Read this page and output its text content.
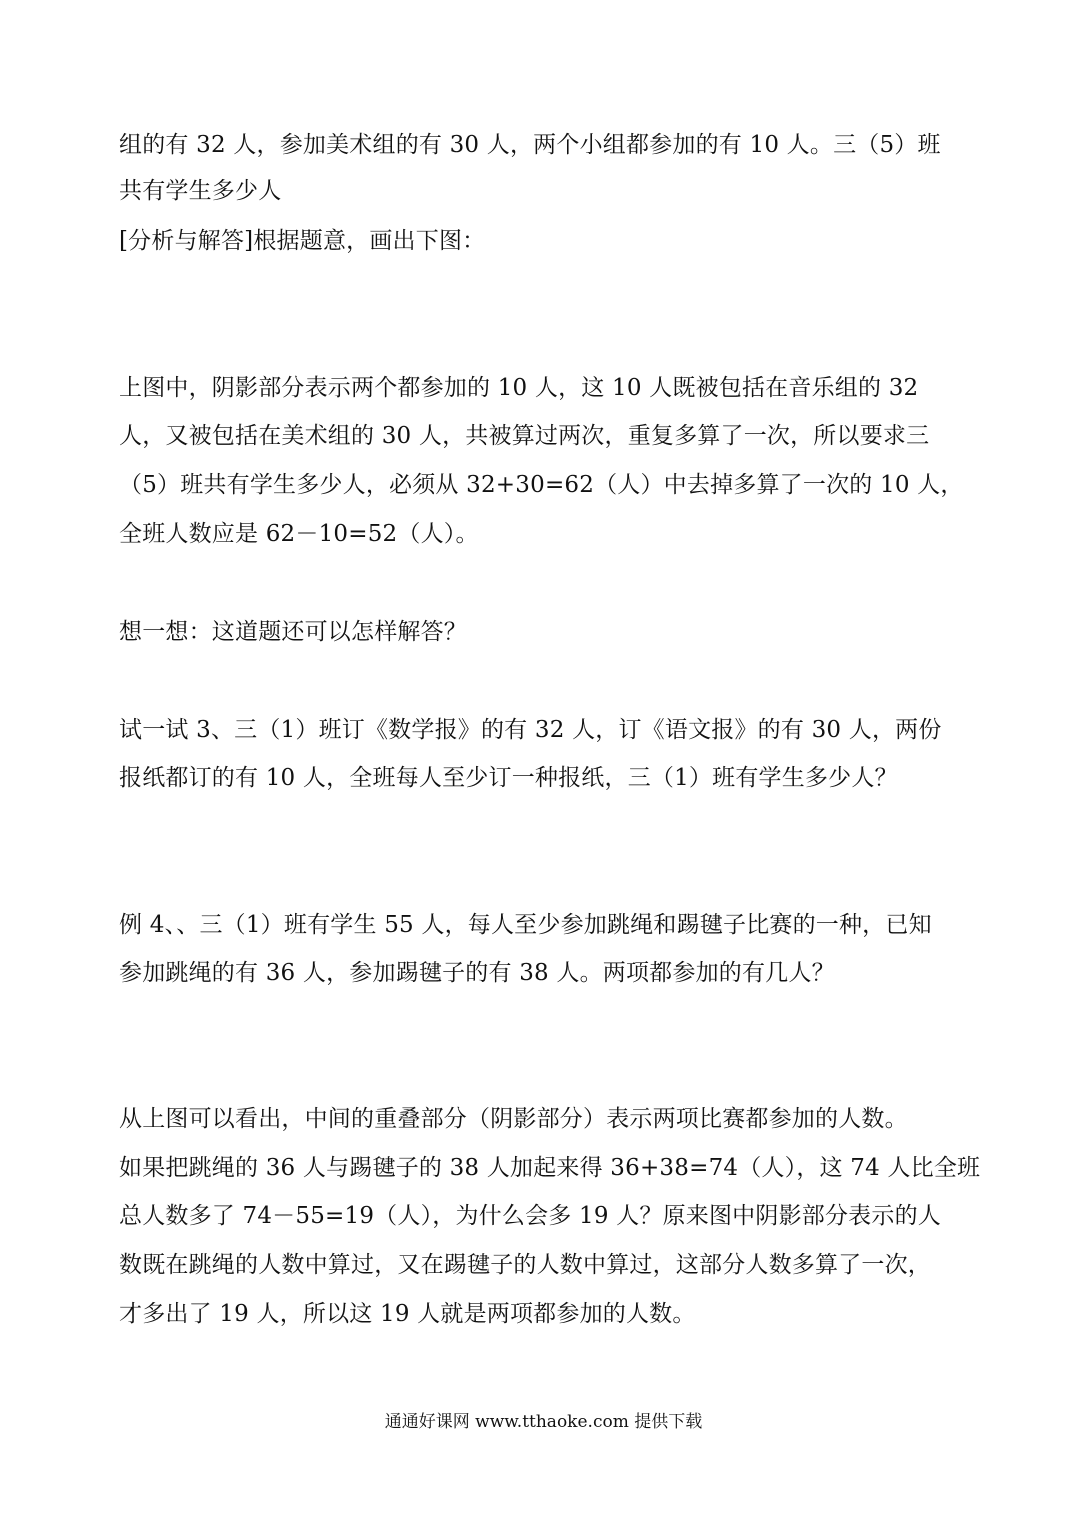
组的有 32 人，参加美术组的有 30 人，两个小组都参加的有 10 人。三（5）班
共有学生多少人
[分析与解答]根据题意，画出下图：
上图中，阴影部分表示两个都参加的 10 人，这 10 人既被包括在音乐组的 32
人，又被包括在美术组的 30 人，共被算过两次，重复多算了一次，所以要求三
（5）班共有学生多少人，必须从 32+30=62（人）中去掉多算了一次的 10 人，
全班人数应是 62－10=52（人）。
想一想：这道题还可以怎样解答？
试一试 3、三（1）班订《数学报》的有 32 人，订《语文报》的有 30 人，两份
报纸都订的有 10 人，全班每人至少订一种报纸，三（1）班有学生多少人？
例 4、、三（1）班有学生 55 人，每人至少参加跳绳和踢毽子比赛的一种，已知
参加跳绳的有 36 人，参加踢毽子的有 38 人。两项都参加的有几人？
从上图可以看出，中间的重叠部分（阴影部分）表示两项比赛都参加的人数。
如果把跳绳的 36 人与踢毽子的 38 人加起来得 36+38=74（人），这 74 人比全班
总人数多了 74－55=19（人），为什么会多 19 人？原来图中阴影部分表示的人
数既在跳绳的人数中算过，又在踢毽子的人数中算过，这部分人数多算了一次，
才多出了 19 人，所以这 19 人就是两项都参加的人数。
通通好课网 www.tthaoke.com 提供下载
